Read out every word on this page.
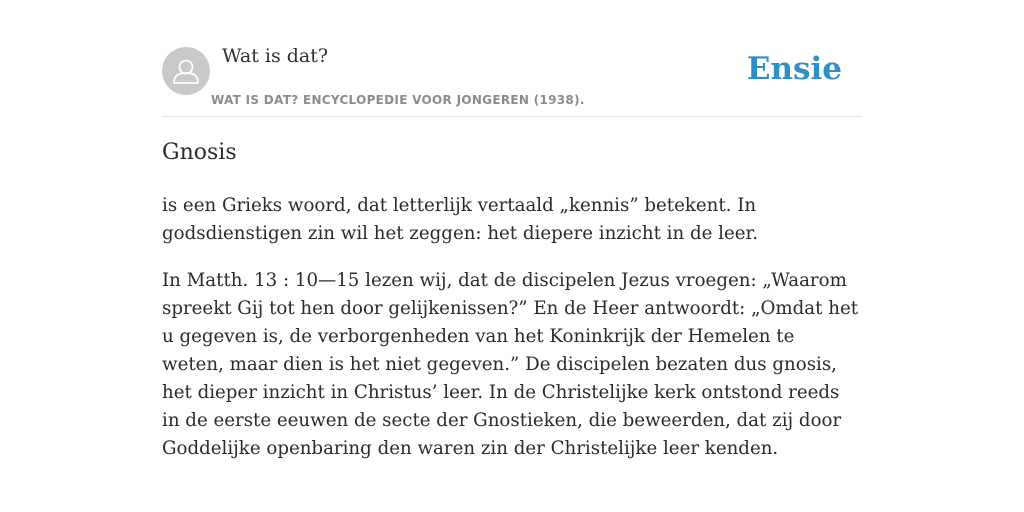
Wat is dat?
WAT IS DAT? ENCYCLOPEDIE VOOR JONGEREN (1938).
Ensie
Gnosis

is een Grieks woord, dat letterlijk vertaald „kennis” betekent. In godsdienstigen zin wil het zeggen: het diepere inzicht in de leer.

In Matth. 13 : 10—15 lezen wij, dat de discipelen Jezus vroegen: „Waarom spreekt Gij tot hen door gelijkenissen?” En de Heer antwoordt: „Omdat het u gegeven is, de verborgenheden van het Koninkrijk der Hemelen te weten, maar dien is het niet gegeven.” De discipelen bezaten dus gnosis, het dieper inzicht in Christus’ leer. In de Christelijke kerk ontstond reeds in de eerste eeuwen de secte der Gnostieken, die beweerden, dat zij door Goddelijke openbaring den waren zin der Christelijke leer kenden.
